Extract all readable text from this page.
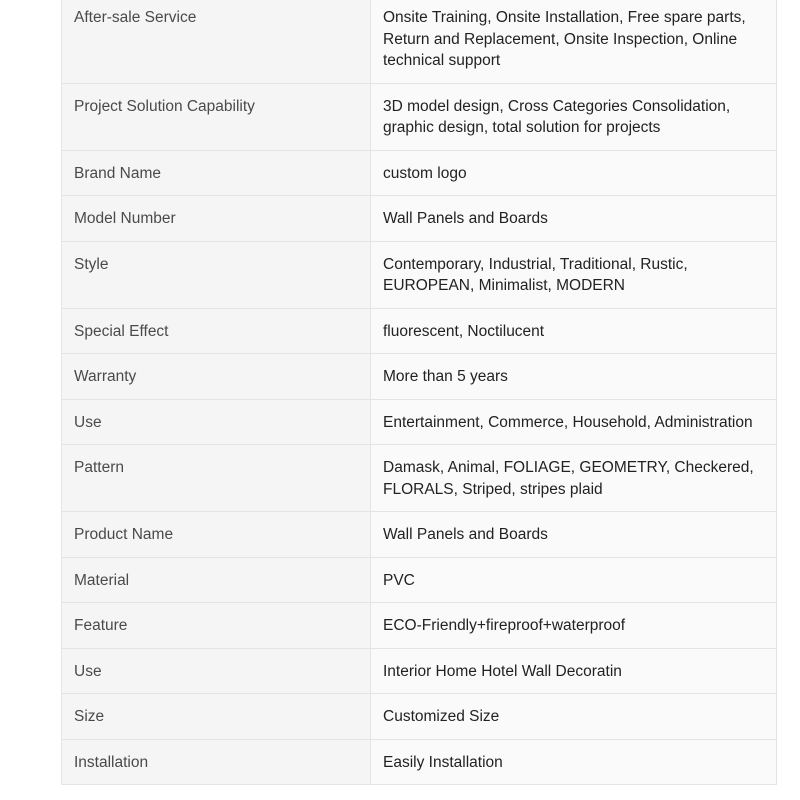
After-sale Service	Onsite Training, Onsite Installation, Free spare parts, Return and Replacement, Onsite Inspection, Online technical support
Project Solution Capability	3D model design, Cross Categories Consolidation, graphic design, total solution for projects
Brand Name	custom logo
Model Number	Wall Panels and Boards
Style	Contemporary, Industrial, Traditional, Rustic, EUROPEAN, Minimalist, MODERN
Special Effect	fluorescent, Noctilucent
Warranty	More than 5 years
Use	Entertainment, Commerce, Household, Administration
Pattern	Damask, Animal, FOLIAGE, GEOMETRY, Checkered, FLORALS, Striped, stripes plaid
Product Name	Wall Panels and Boards
Material	PVC
Feature	ECO-Friendly+fireproof+waterproof
Use	Interior Home Hotel Wall Decoratin
Size	Customized Size
Installation	Easily Installation
